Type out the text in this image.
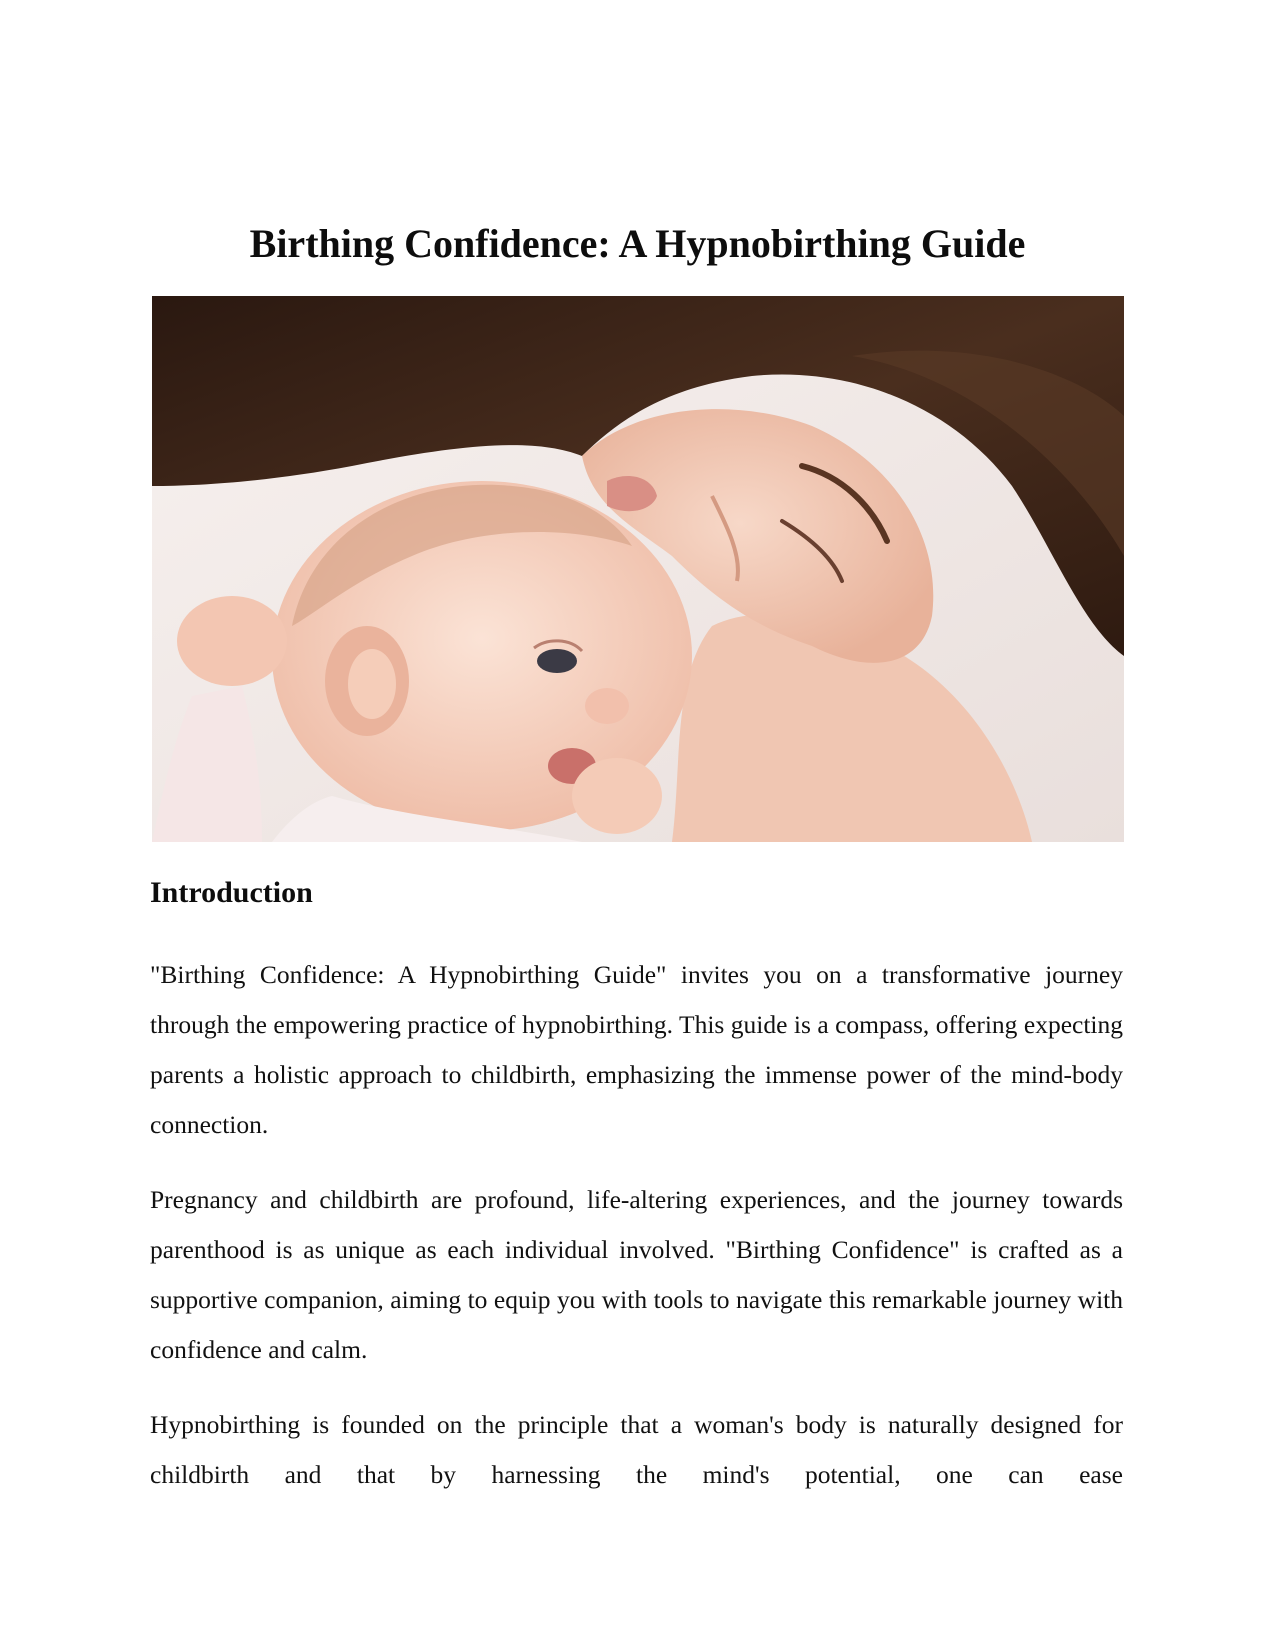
Birthing Confidence: A Hypnobirthing Guide
Introduction

"Birthing Confidence: A Hypnobirthing Guide" invites you on a transformative journey through the empowering practice of hypnobirthing. This guide is a compass, offering expecting parents a holistic approach to childbirth, emphasizing the immense power of the mind-body connection.

Pregnancy and childbirth are profound, life-altering experiences, and the journey towards parenthood is as unique as each individual involved. "Birthing Confidence" is crafted as a supportive companion, aiming to equip you with tools to navigate this remarkable journey with confidence and calm.

Hypnobirthing is founded on the principle that a woman's body is naturally designed for childbirth and that by harnessing the mind's potential, one can ease
